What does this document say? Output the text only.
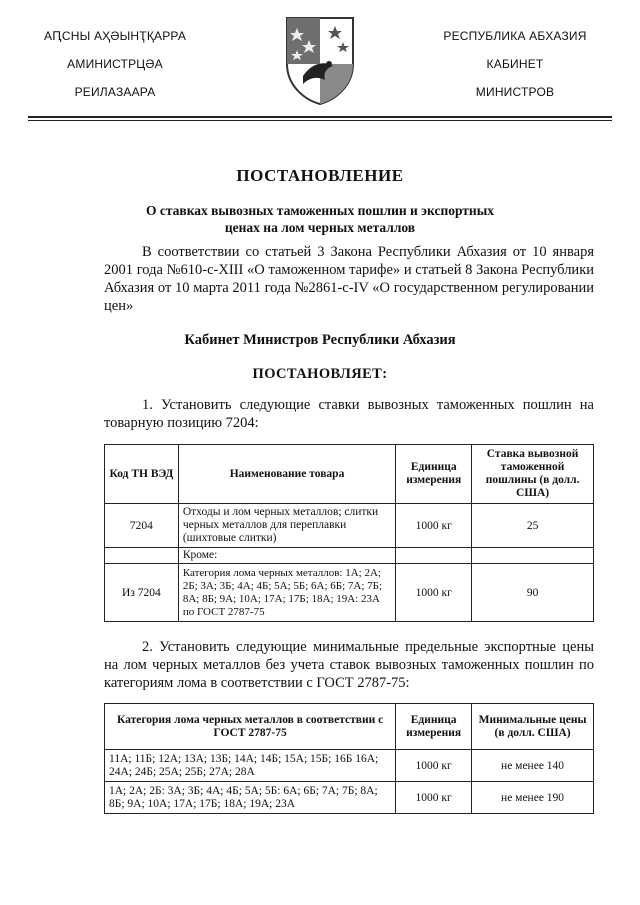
АԤСНЫ АҲӘЫНҬҚАРРА
АМИНИСТРЦӘА
РЕИЛАЗААРА
РЕСПУБЛИКА АБХАЗИЯ
КАБИНЕТ
МИНИСТРОВ
ПОСТАНОВЛЕНИЕ
О ставках вывозных таможенных пошлин и экспортных
ценах на лом черных металлов
В соответствии со статьей 3 Закона Республики Абхазия от 10 января 2001 года №610-с-XIII «О таможенном тарифе» и статьей 8 Закона Республики Абхазия от 10 марта 2011 года №2861-с-IV «О государственном регулировании цен»
Кабинет Министров Республики Абхазия
ПОСТАНОВЛЯЕТ:
1. Установить следующие ставки вывозных таможенных пошлин на товарную позицию 7204:
Код ТН ВЭД	Наименование товара	Единица измерения	Ставка вывозной таможенной пошлины (в долл. США)
7204	Отходы и лом черных металлов; слитки черных металлов для переплавки (шихтовые слитки)	1000 кг	25
	Кроме:		
Из 7204	Категория лома черных металлов: 1А; 2А; 2Б; 3А; 3Б; 4А; 4Б; 5А; 5Б; 6А; 6Б; 7А; 7Б; 8А; 8Б; 9А; 10А; 17А; 17Б; 18А; 19А: 23А по ГОСТ 2787-75	1000 кг	90
2. Установить следующие минимальные предельные экспортные цены на лом черных металлов без учета ставок вывозных таможенных пошлин по категориям лома в соответствии с ГОСТ 2787-75:
Категория лома черных металлов в соответствии с ГОСТ 2787-75	Единица измерения	Минимальные цены (в долл. США)
11А; 11Б; 12А; 13А; 13Б; 14А; 14Б; 15А; 15Б; 16Б 16А; 24А; 24Б; 25А; 25Б; 27А; 28А	1000 кг	не менее 140
1А; 2А; 2Б: 3А; 3Б; 4А; 4Б; 5А; 5Б: 6А; 6Б; 7А; 7Б; 8А; 8Б; 9А; 10А; 17А; 17Б; 18А; 19А; 23А	1000 кг	не менее 190
